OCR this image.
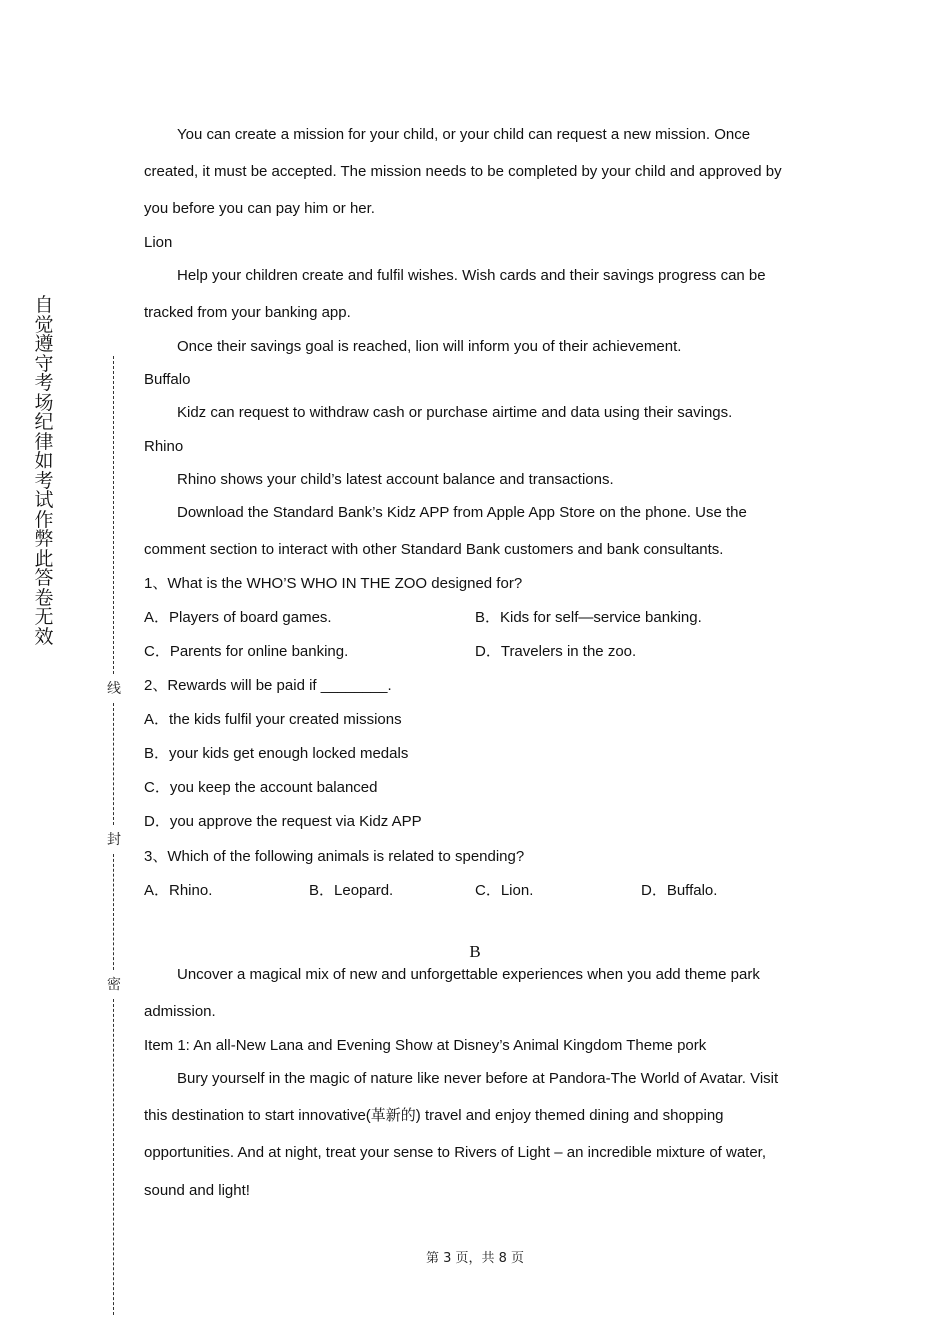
自觉遵守考场纪律如考试作弊此答卷无效
线
封
密
You can create a mission for your child, or your child can request a new mission. Once
created, it must be accepted. The mission needs to be completed by your child and approved by
you before you can pay him or her.
Lion
Help your children create and fulfil wishes. Wish cards and their savings progress can be
tracked from your banking app.
Once their savings goal is reached, lion will inform you of their achievement.
Buffalo
Kidz can request to withdraw cash or purchase airtime and data using their savings.
Rhino
Rhino shows your child’s latest account balance and transactions.
Download the Standard Bank’s Kidz APP from Apple App Store on the phone. Use the
comment section to interact with other Standard Bank customers and bank consultants.
1、What is the WHO’S WHO IN THE ZOO designed for?
A．Players of board games.	B．Kids for self—service banking.
C．Parents for online banking.	D．Travelers in the zoo.
2、Rewards will be paid if ________.
A．the kids fulfil your created missions
B．your kids get enough locked medals
C．you keep the account balanced
D．you approve the request via Kidz APP
3、Which of the following animals is related to spending?
A．Rhino.	B．Leopard.	C．Lion.	D．Buffalo.
B
Uncover a magical mix of new and unforgettable experiences when you add theme park
admission.
Item 1: An all-New Lana and Evening Show at Disney’s Animal Kingdom Theme pork
Bury yourself in the magic of nature like never before at Pandora-The World of Avatar. Visit
this destination to start innovative(革新的) travel and enjoy themed dining and shopping
opportunities. And at night, treat your sense to Rivers of Light – an incredible mixture of water,
sound and light!
第 3 页，共 8 页
